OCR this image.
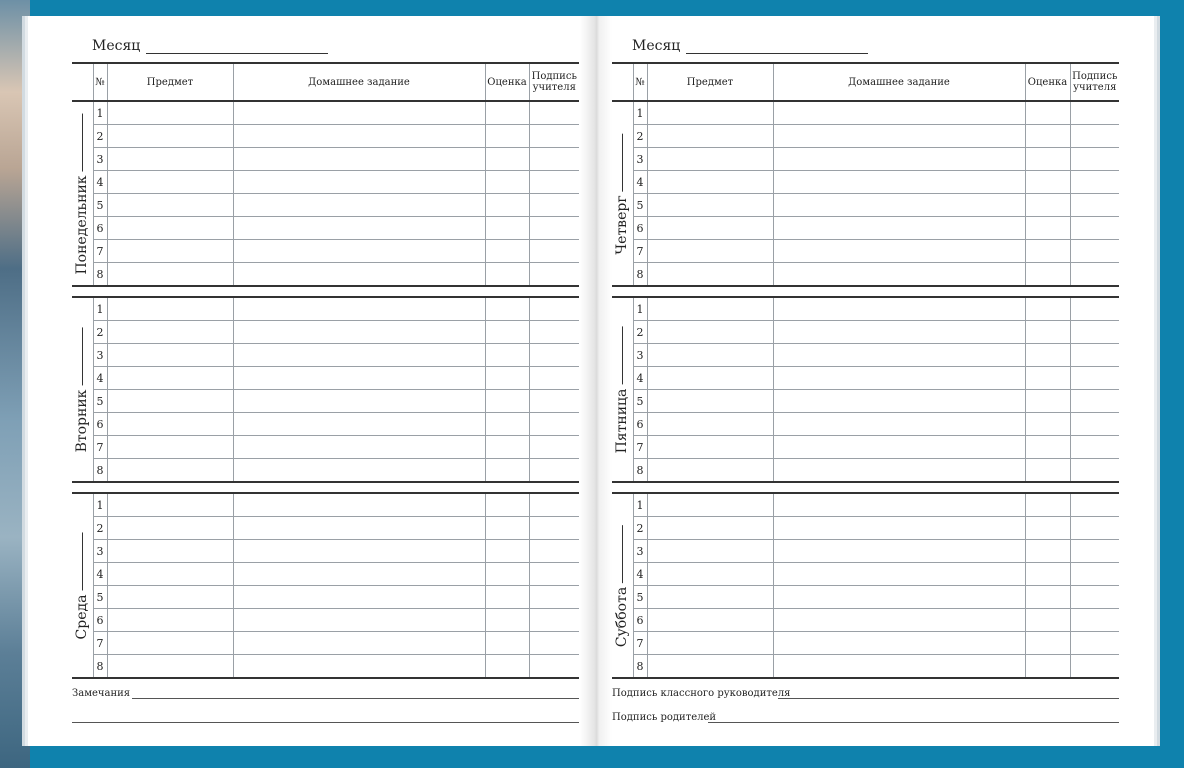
Месяц
	№	Предмет	Домашнее задание	Оценка	Подпись
учителя

Понедельник	1				
	2				
	3				
	4				
	5				
	6				
	7				
	8				

Вторник	1				
	2				
	3				
	4				
	5				
	6				
	7				
	8				

Среда	1				
	2				
	3				
	4				
	5				
	6				
	7				
	8				
Замечания
Месяц
	№	Предмет	Домашнее задание	Оценка	Подпись
учителя

Четверг	1				
	2				
	3				
	4				
	5				
	6				
	7				
	8				

Пятница	1				
	2				
	3				
	4				
	5				
	6				
	7				
	8				

Суббота	1				
	2				
	3				
	4				
	5				
	6				
	7				
	8				
Подпись классного руководителя
Подпись родителей
